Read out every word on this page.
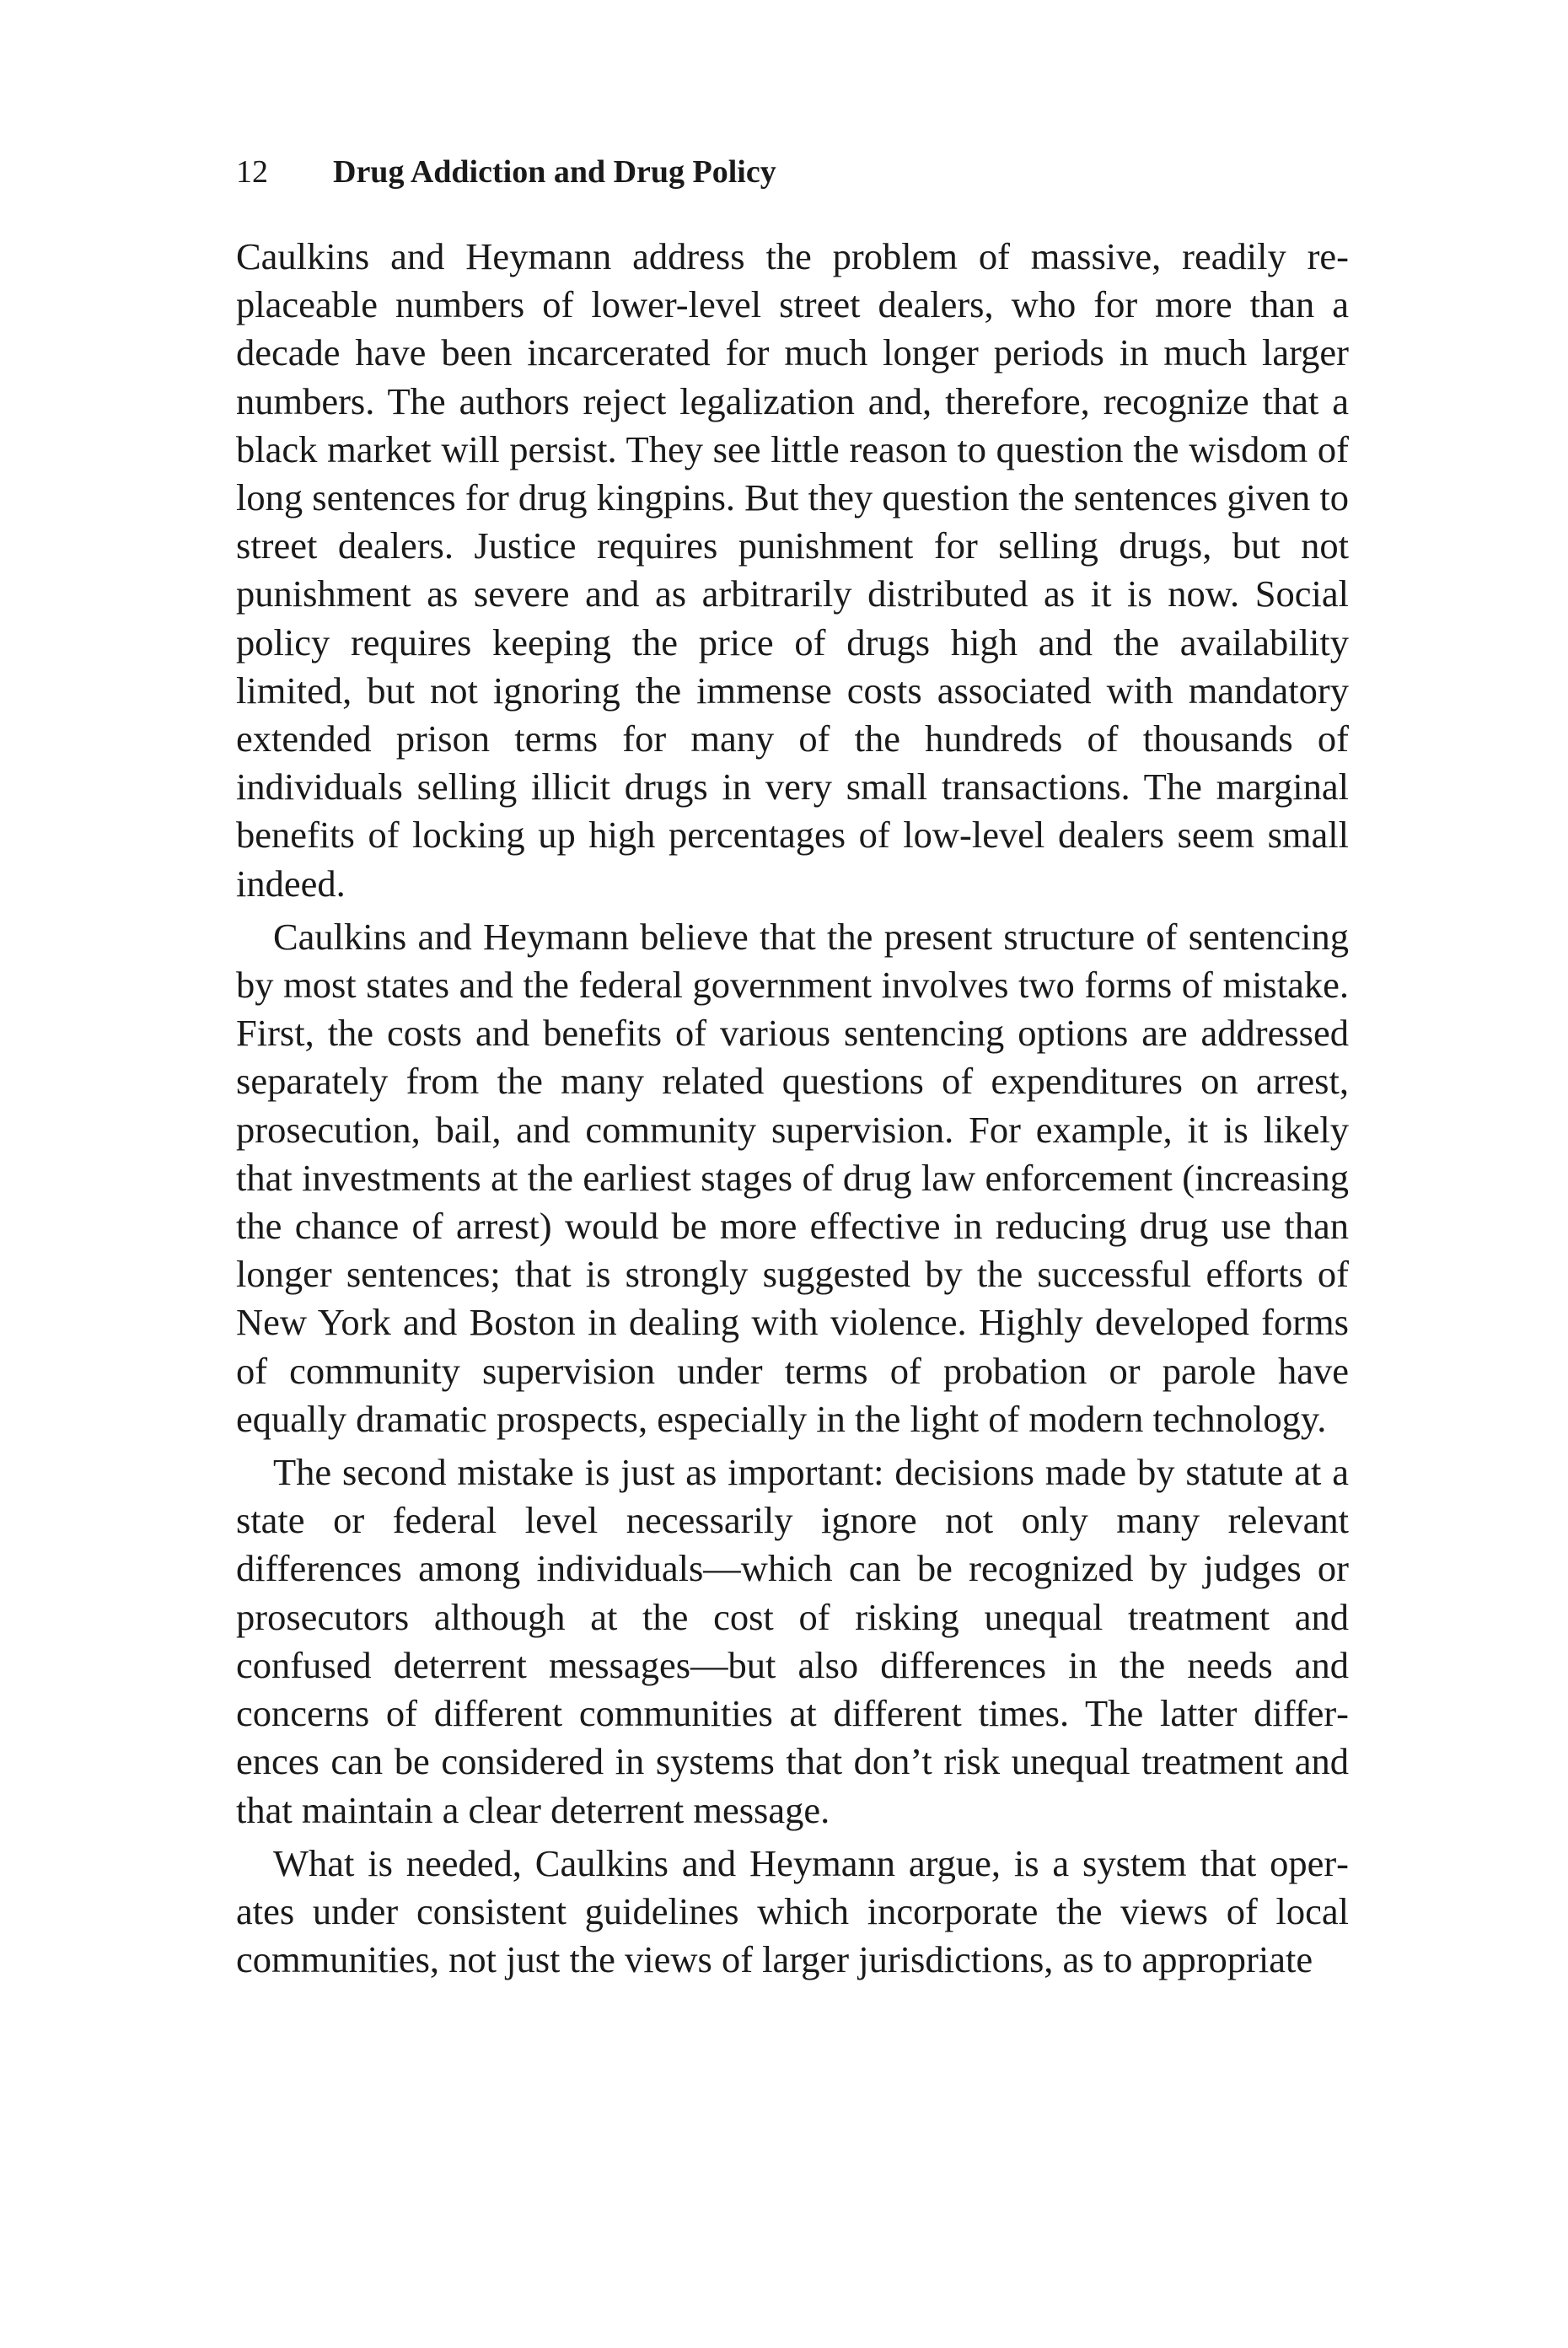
12 Drug Addiction and Drug Policy

Caulkins and Heymann address the problem of massive, readily replaceable numbers of lower-level street dealers, who for more than a decade have been incarcerated for much longer periods in much larger numbers. The authors reject legalization and, therefore, recognize that a black market will persist. They see little reason to question the wisdom of long sentences for drug kingpins. But they question the sentences given to street dealers. Justice requires punishment for selling drugs, but not punishment as severe and as arbitrarily distributed as it is now. Social policy requires keeping the price of drugs high and the availability limited, but not ignoring the immense costs associated with mandatory extended prison terms for many of the hundreds of thousands of individuals selling illicit drugs in very small transactions. The marginal benefits of locking up high percentages of low-level dealers seem small indeed.

Caulkins and Heymann believe that the present structure of sentencing by most states and the federal government involves two forms of mistake. First, the costs and benefits of various sentencing options are addressed separately from the many related questions of expenditures on arrest, prosecution, bail, and community supervision. For example, it is likely that investments at the earliest stages of drug law enforcement (increasing the chance of arrest) would be more effective in reducing drug use than longer sentences; that is strongly suggested by the successful efforts of New York and Boston in dealing with violence. Highly developed forms of community supervision under terms of probation or parole have equally dramatic prospects, especially in the light of modern technology.

The second mistake is just as important: decisions made by statute at a state or federal level necessarily ignore not only many relevant differences among individuals—which can be recognized by judges or prosecutors although at the cost of risking unequal treatment and confused deterrent messages—but also differences in the needs and concerns of different communities at different times. The latter differences can be considered in systems that don’t risk unequal treatment and that maintain a clear deterrent message.

What is needed, Caulkins and Heymann argue, is a system that operates under consistent guidelines which incorporate the views of local communities, not just the views of larger jurisdictions, as to appropriate
